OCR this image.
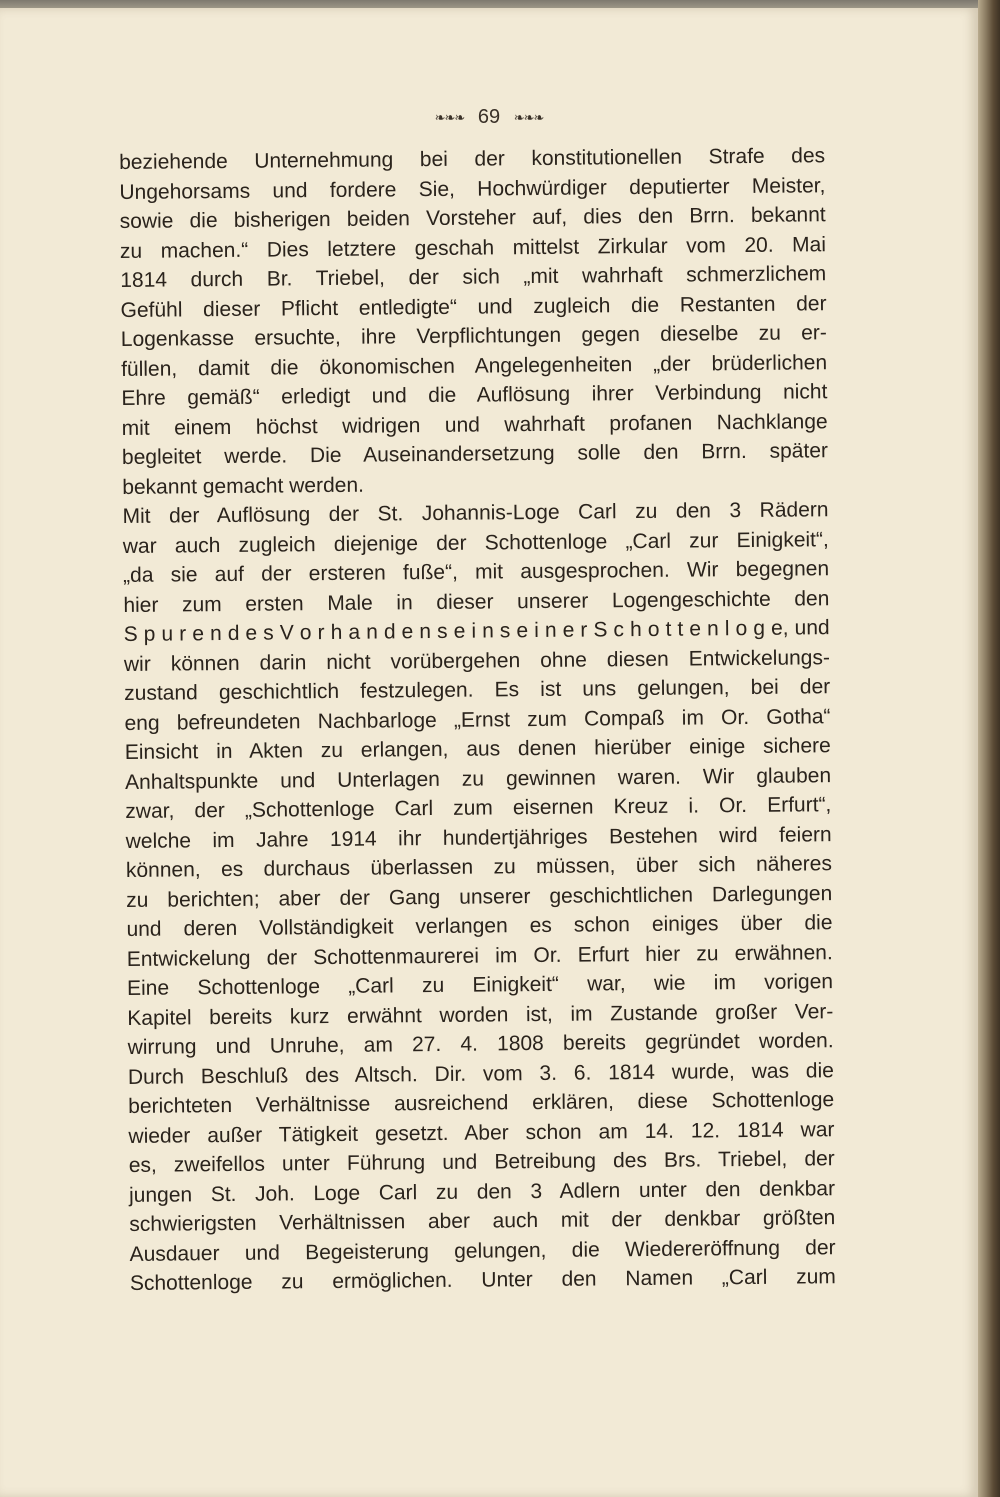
❧❧❧ 69 ❧❧❧
beziehende Unternehmung bei der konstitutionellen Strafe des
Ungehorsams und fordere Sie, Hochwürdiger deputierter Meister,
sowie die bisherigen beiden Vorsteher auf, dies den Brrn. bekannt
zu machen.“ Dies letztere geschah mittelst Zirkular vom 20. Mai
1814 durch Br. Triebel, der sich „mit wahrhaft schmerzlichem
Gefühl dieser Pflicht entledigte“ und zugleich die Restanten der
Logenkasse ersuchte, ihre Verpflichtungen gegen dieselbe zu er-
füllen, damit die ökonomischen Angelegenheiten „der brüderlichen
Ehre gemäß“ erledigt und die Auflösung ihrer Verbindung nicht
mit einem höchst widrigen und wahrhaft profanen Nachklange
begleitet werde. Die Auseinandersetzung solle den Brrn. später
bekannt gemacht werden.
Mit der Auflösung der St. Johannis-Loge Carl zu den 3 Rädern
war auch zugleich diejenige der Schottenloge „Carl zur Einigkeit“,
„da sie auf der ersteren fuße“, mit ausgesprochen. Wir begegnen
hier zum ersten Male in dieser unserer Logengeschichte den
S p u r e n d e s V o r h a n d e n s e i n s e i n e r S c h o t t e n l o g e, und
wir können darin nicht vorübergehen ohne diesen Entwickelungs-
zustand geschichtlich festzulegen. Es ist uns gelungen, bei der
eng befreundeten Nachbarloge „Ernst zum Compaß im Or. Gotha“
Einsicht in Akten zu erlangen, aus denen hierüber einige sichere
Anhaltspunkte und Unterlagen zu gewinnen waren. Wir glauben
zwar, der „Schottenloge Carl zum eisernen Kreuz i. Or. Erfurt“,
welche im Jahre 1914 ihr hundertjähriges Bestehen wird feiern
können, es durchaus überlassen zu müssen, über sich näheres
zu berichten; aber der Gang unserer geschichtlichen Darlegungen
und deren Vollständigkeit verlangen es schon einiges über die
Entwickelung der Schottenmaurerei im Or. Erfurt hier zu erwähnen.
Eine Schottenloge „Carl zu Einigkeit“ war, wie im vorigen
Kapitel bereits kurz erwähnt worden ist, im Zustande großer Ver-
wirrung und Unruhe, am 27. 4. 1808 bereits gegründet worden.
Durch Beschluß des Altsch. Dir. vom 3. 6. 1814 wurde, was die
berichteten Verhältnisse ausreichend erklären, diese Schottenloge
wieder außer Tätigkeit gesetzt. Aber schon am 14. 12. 1814 war
es, zweifellos unter Führung und Betreibung des Brs. Triebel, der
jungen St. Joh. Loge Carl zu den 3 Adlern unter den denkbar
schwierigsten Verhältnissen aber auch mit der denkbar größten
Ausdauer und Begeisterung gelungen, die Wiedereröffnung der
Schottenloge zu ermöglichen. Unter den Namen „Carl zum
